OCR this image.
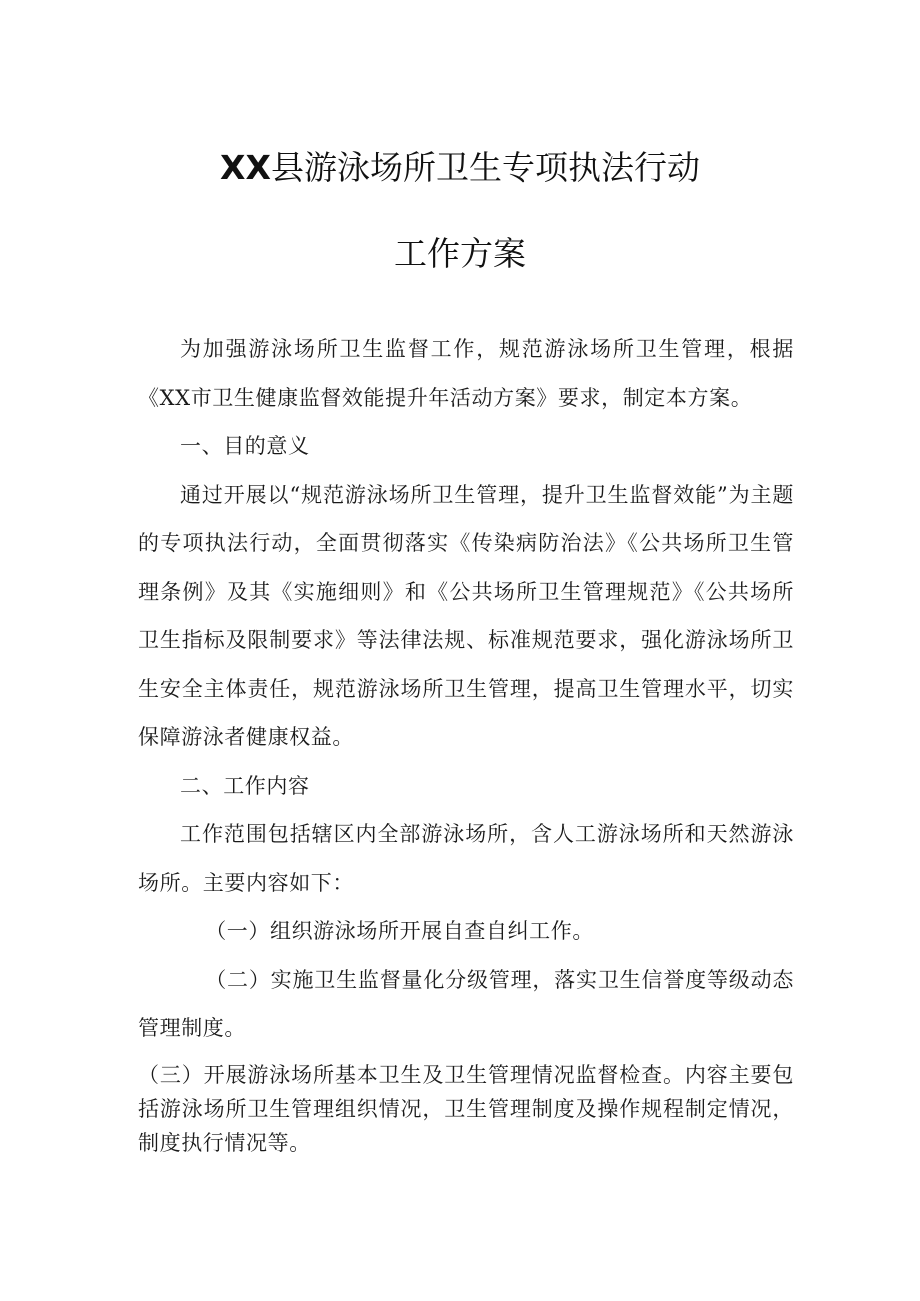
XX县游泳场所卫生专项执法行动
工作方案

为加强游泳场所卫生监督工作，规范游泳场所卫生管理，根据《XX市卫生健康监督效能提升年活动方案》要求，制定本方案。

一、目的意义

通过开展以“规范游泳场所卫生管理，提升卫生监督效能”为主题的专项执法行动，全面贯彻落实《传染病防治法》《公共场所卫生管理条例》及其《实施细则》和《公共场所卫生管理规范》《公共场所卫生指标及限制要求》等法律法规、标准规范要求，强化游泳场所卫生安全主体责任，规范游泳场所卫生管理，提高卫生管理水平，切实保障游泳者健康权益。

二、工作内容

工作范围包括辖区内全部游泳场所，含人工游泳场所和天然游泳场所。主要内容如下：

（一）组织游泳场所开展自查自纠工作。

（二）实施卫生监督量化分级管理，落实卫生信誉度等级动态管理制度。

（三）开展游泳场所基本卫生及卫生管理情况监督检查。内容主要包括游泳场所卫生管理组织情况，卫生管理制度及操作规程制定情况，制度执行情况等。
